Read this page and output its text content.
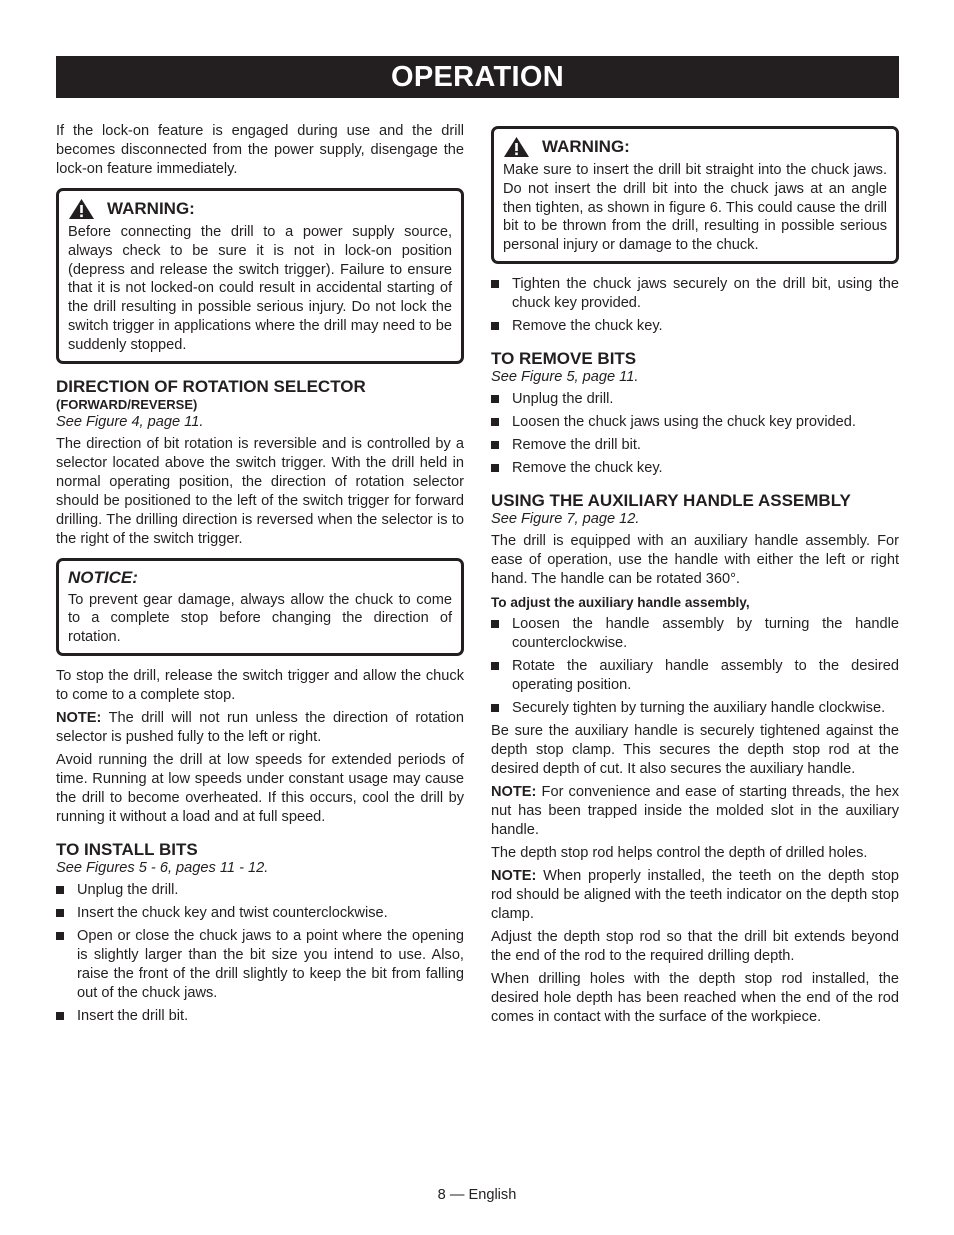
OPERATION

If the lock-on feature is engaged during use and the drill becomes disconnected from the power supply, disengage the lock-on feature immediately.

WARNING:

Before connecting the drill to a power supply source, always check to be sure it is not in lock-on position (depress and release the switch trigger). Failure to ensure that it is not locked-on could result in accidental starting of the drill resulting in possible serious injury. Do not lock the switch trigger in applications where the drill may need to be suddenly stopped.

DIRECTION OF ROTATION SELECTOR
(FORWARD/REVERSE)
See Figure 4, page 11.

The direction of bit rotation is reversible and is controlled by a selector located above the switch trigger. With the drill held in normal operating position, the direction of rotation selector should be positioned to the left of the switch trigger for forward drilling. The drilling direction is reversed when the selector is to the right of the switch trigger.

NOTICE:

To prevent gear damage, always allow the chuck to come to a complete stop before changing the direction of rotation.

To stop the drill, release the switch trigger and allow the chuck to come to a complete stop.

NOTE: The drill will not run unless the direction of rotation selector is pushed fully to the left or right.

Avoid running the drill at low speeds for extended periods of time. Running at low speeds under constant usage may cause the drill to become overheated. If this occurs, cool the drill by running it without a load and at full speed.

TO INSTALL BITS
See Figures 5 - 6, pages 11 - 12.
Unplug the drill.
Insert the chuck key and twist counterclockwise.
Open or close the chuck jaws to a point where the opening is slightly larger than the bit size you intend to use. Also, raise the front of the drill slightly to keep the bit from falling out of the chuck jaws.
Insert the drill bit.
WARNING:

Make sure to insert the drill bit straight into the chuck jaws. Do not insert the drill bit into the chuck jaws at an angle then tighten, as shown in figure 6. This could cause the drill bit to be thrown from the drill, resulting in possible serious personal injury or damage to the chuck.

Tighten the chuck jaws securely on the drill bit, using the chuck key provided.
Remove the chuck key.
TO REMOVE BITS
See Figure 5, page 11.
Unplug the drill.
Loosen the chuck jaws using the chuck key provided.
Remove the drill bit.
Remove the chuck key.
USING THE AUXILIARY HANDLE ASSEMBLY
See Figure 7, page 12.

The drill is equipped with an auxiliary handle assembly. For ease of operation, use the handle with either the left or right hand. The handle can be rotated 360°.

To adjust the auxiliary handle assembly,

Loosen the handle assembly by turning the handle counterclockwise.
Rotate the auxiliary handle assembly to the desired operating position.
Securely tighten by turning the auxiliary handle clockwise.

Be sure the auxiliary handle is securely tightened against the depth stop clamp. This secures the depth stop rod at the desired depth of cut. It also secures the auxiliary handle.

NOTE: For convenience and ease of starting threads, the hex nut has been trapped inside the molded slot in the auxiliary handle.

The depth stop rod helps control the depth of drilled holes.

NOTE: When properly installed, the teeth on the depth stop rod should be aligned with the teeth indicator on the depth stop clamp.

Adjust the depth stop rod so that the drill bit extends beyond the end of the rod to the required drilling depth.

When drilling holes with the depth stop rod installed, the desired hole depth has been reached when the end of the rod comes in contact with the surface of the workpiece.

8 — English
